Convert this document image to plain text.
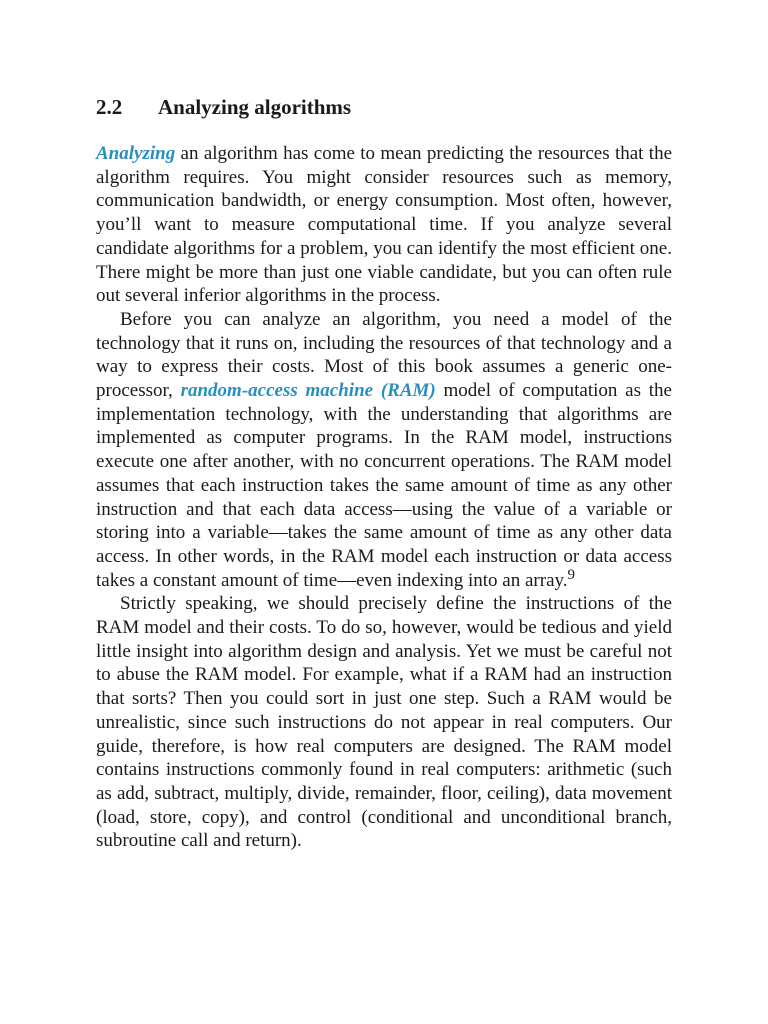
2.2 Analyzing algorithms

Analyzing an algorithm has come to mean predicting the resources that the algorithm requires. You might consider resources such as memory, communication bandwidth, or energy consumption. Most often, however, you’ll want to measure computational time. If you analyze several candidate algorithms for a problem, you can identify the most efficient one. There might be more than just one viable candidate, but you can often rule out several inferior algorithms in the process.

Before you can analyze an algorithm, you need a model of the technology that it runs on, including the resources of that technology and a way to express their costs. Most of this book assumes a generic one-processor, random-access machine (RAM) model of computation as the implementation technology, with the understanding that algorithms are implemented as computer programs. In the RAM model, instructions execute one after another, with no concurrent operations. The RAM model assumes that each instruction takes the same amount of time as any other instruction and that each data access—using the value of a variable or storing into a variable—takes the same amount of time as any other data access. In other words, in the RAM model each instruction or data access takes a constant amount of time—even indexing into an array.$^9$

Strictly speaking, we should precisely define the instructions of the RAM model and their costs. To do so, however, would be tedious and yield little insight into algorithm design and analysis. Yet we must be careful not to abuse the RAM model. For example, what if a RAM had an instruction that sorts? Then you could sort in just one step. Such a RAM would be unrealistic, since such instructions do not appear in real computers. Our guide, therefore, is how real computers are designed. The RAM model contains instructions commonly found in real computers: arithmetic (such as add, subtract, multiply, divide, remainder, floor, ceiling), data movement (load, store, copy), and control (conditional and unconditional branch, subroutine call and return).
